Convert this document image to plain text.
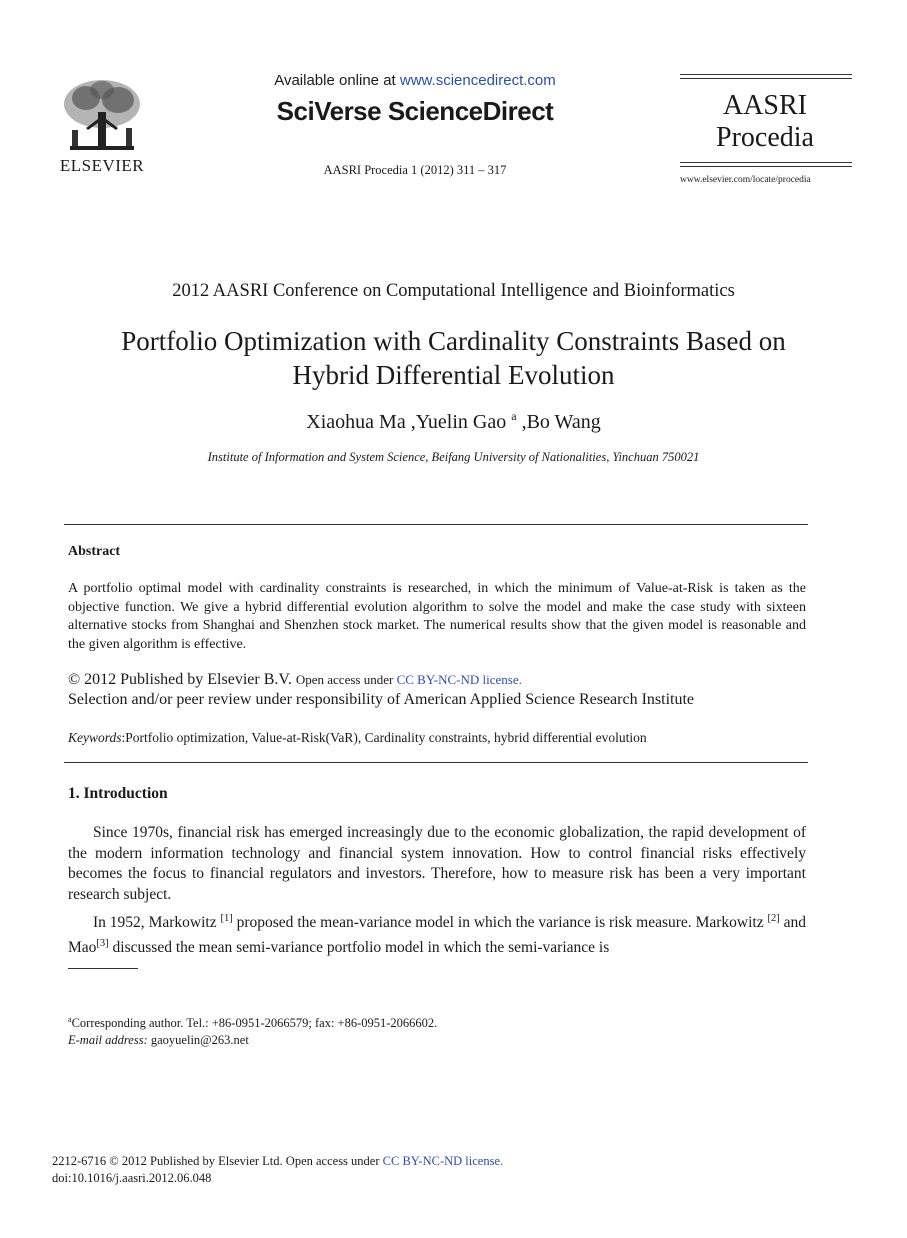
ELSEVIER
Available online at www.sciencedirect.com
SciVerse ScienceDirect
AASRI Procedia 1 (2012) 311 – 317
AASRI
Procedia
www.elsevier.com/locate/procedia
2012 AASRI Conference on Computational Intelligence and Bioinformatics
Portfolio Optimization with Cardinality Constraints Based on
Hybrid Differential Evolution
Xiaohua Ma ,Yuelin Gao $^a$ ,Bo Wang
Institute of Information and System Science, Beifang University of Nationalities, Yinchuan 750021
Abstract
A portfolio optimal model with cardinality constraints is researched, in which the minimum of Value-at-Risk is taken as the objective function. We give a hybrid differential evolution algorithm to solve the model and make the case study with sixteen alternative stocks from Shanghai and Shenzhen stock market. The numerical results show that the given model is reasonable and the given algorithm is effective.
© 2012 Published by Elsevier B.V. Open access under CC BY-NC-ND license.
Selection and/or peer review under responsibility of American Applied Science Research Institute
Keywords:Portfolio optimization, Value-at-Risk(VaR), Cardinality constraints, hybrid differential evolution
1. Introduction

Since 1970s, financial risk has emerged increasingly due to the economic globalization, the rapid development of the modern information technology and financial system innovation. How to control financial risks effectively becomes the focus to financial regulators and investors. Therefore, how to measure risk has been a very important research subject.

In 1952, Markowitz [1] proposed the mean-variance model in which the variance is risk measure. Markowitz [2] and Mao[3] discussed the mean semi-variance portfolio model in which the semi-variance is

$^a$Corresponding author. Tel.: +86-0951-2066579; fax: +86-0951-2066602.
E-mail address: gaoyuelin@263.net
2212-6716 © 2012 Published by Elsevier Ltd. Open access under CC BY-NC-ND license.
doi:10.1016/j.aasri.2012.06.048
